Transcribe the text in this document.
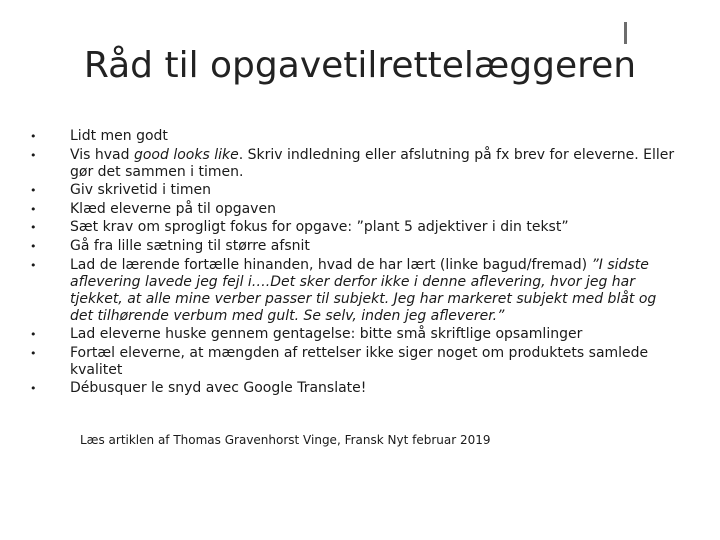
Råd til opgavetilrettelæggeren
• Lidt men godt
• Vis hvad good looks like. Skriv indledning eller afslutning på fx brev for eleverne. Eller gør det sammen i timen.
• Giv skrivetid i timen
• Klæd eleverne på til opgaven
• Sæt krav om sprogligt fokus for opgave: ”plant 5 adjektiver i din tekst”
• Gå fra lille sætning til større afsnit
• Lad de lærende fortælle hinanden, hvad de har lært (linke bagud/fremad) ”I sidste aflevering lavede jeg fejl i….Det sker derfor ikke i denne aflevering, hvor jeg har tjekket, at alle mine verber passer til subjekt. Jeg har markeret subjekt med blåt og det tilhørende verbum med gult. Se selv, inden jeg afleverer.”
• Lad eleverne huske gennem gentagelse: bitte små skriftlige opsamlinger
• Fortæl eleverne, at mængden af rettelser ikke siger noget om produktets samlede kvalitet
• Débusquer le snyd avec Google Translate!
Læs artiklen af Thomas Gravenhorst Vinge, Fransk Nyt februar 2019
